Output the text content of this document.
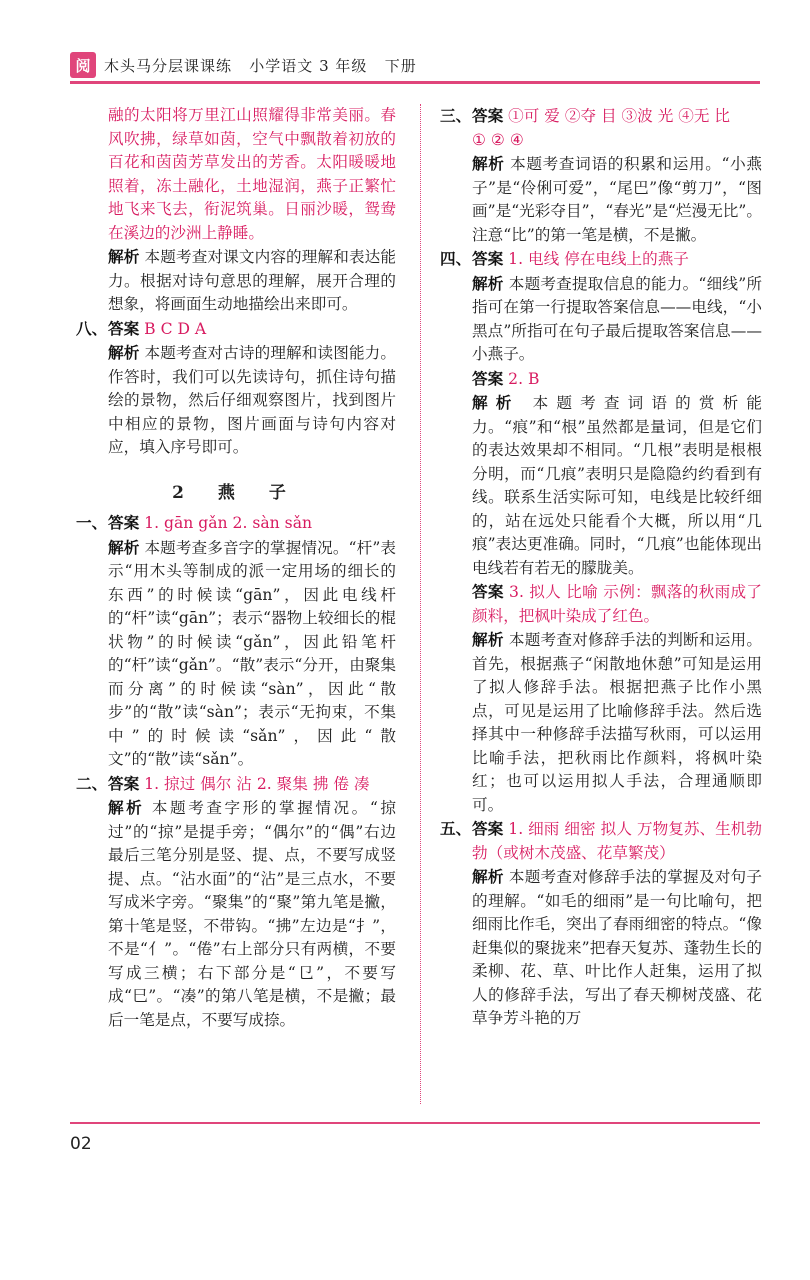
阅 木头马分层课课练   小学语文 3 年级   下册

融的太阳将万里江山照耀得非常美丽。春风吹拂，绿草如茵，空气中飘散着初放的百花和茵茵芳草发出的芳香。太阳暖暖地照着，冻土融化，土地湿润，燕子正繁忙地飞来飞去，衔泥筑巢。日丽沙暖，鸳鸯在溪边的沙洲上静睡。

解析 本题考查对课文内容的理解和表达能力。根据对诗句意思的理解，展开合理的想象，将画面生动地描绘出来即可。

八、 答案 B C D A

解析 本题考查对古诗的理解和读图能力。作答时，我们可以先读诗句，抓住诗句描绘的景物，然后仔细观察图片，找到图片中相应的景物，图片画面与诗句内容对应，填入序号即可。

2 燕 子
一、 答案 1. gān gǎn 2. sàn sǎn

解析 本题考查多音字的掌握情况。“杆”表示“用木头等制成的派一定用场的细长的东西”的时候读“gān”，因此电线杆的“杆”读“gān”；表示“器物上较细长的棍状物”的时候读“gǎn”，因此铅笔杆的“杆”读“gǎn”。“散”表示“分开，由聚集而分离”的时候读“sàn”，因此“散步”的“散”读“sàn”；表示“无拘束，不集中”的时候读“sǎn”，因此“散文”的“散”读“sǎn”。

二、 答案 1. 掠过 偶尔 沾 2. 聚集 拂 倦 凑

解析 本题考查字形的掌握情况。“掠过”的“掠”是提手旁；“偶尔”的“偶”右边最后三笔分别是竖、提、点，不要写成竖提、点。“沾水面”的“沾”是三点水，不要写成米字旁。“聚集”的“聚”第九笔是撇，第十笔是竖，不带钩。“拂”左边是“扌”，不是“亻”。“倦”右上部分只有两横，不要写成三横；右下部分是“㔾”，不要写成“巳”。“凑”的第八笔是横，不是撇；最后一笔是点，不要写成捺。

三、 答案 ①可 爱 ②夺 目 ③波 光 ④无 比

① ② ④

解析 本题考查词语的积累和运用。“小燕子”是“伶俐可爱”，“尾巴”像“剪刀”，“图画”是“光彩夺目”，“春光”是“烂漫无比”。注意“比”的第一笔是横，不是撇。

四、 答案 1. 电线 停在电线上的燕子

解析 本题考查提取信息的能力。“细线”所指可在第一行提取答案信息——电线，“小黑点”所指可在句子最后提取答案信息——小燕子。

答案 2. B

解析 本题考查词语的赏析能力。“痕”和“根”虽然都是量词，但是它们的表达效果却不相同。“几根”表明是根根分明，而“几痕”表明只是隐隐约约看到有线。联系生活实际可知，电线是比较纤细的，站在远处只能看个大概，所以用“几痕”表达更准确。同时，“几痕”也能体现出电线若有若无的朦胧美。

答案 3. 拟人 比喻 示例：飘落的秋雨成了颜料，把枫叶染成了红色。

解析 本题考查对修辞手法的判断和运用。首先，根据燕子“闲散地休憩”可知是运用了拟人修辞手法。根据把燕子比作小黑点，可见是运用了比喻修辞手法。然后选择其中一种修辞手法描写秋雨，可以运用比喻手法，把秋雨比作颜料，将枫叶染红；也可以运用拟人手法，合理通顺即可。

五、 答案 1. 细雨 细密 拟人 万物复苏、生机勃勃（或树木茂盛、花草繁茂）

解析 本题考查对修辞手法的掌握及对句子的理解。“如毛的细雨”是一句比喻句，把细雨比作毛，突出了春雨细密的特点。“像赶集似的聚拢来”把春天复苏、蓬勃生长的柔柳、花、草、叶比作人赶集，运用了拟人的修辞手法，写出了春天柳树茂盛、花草争芳斗艳的万

02
